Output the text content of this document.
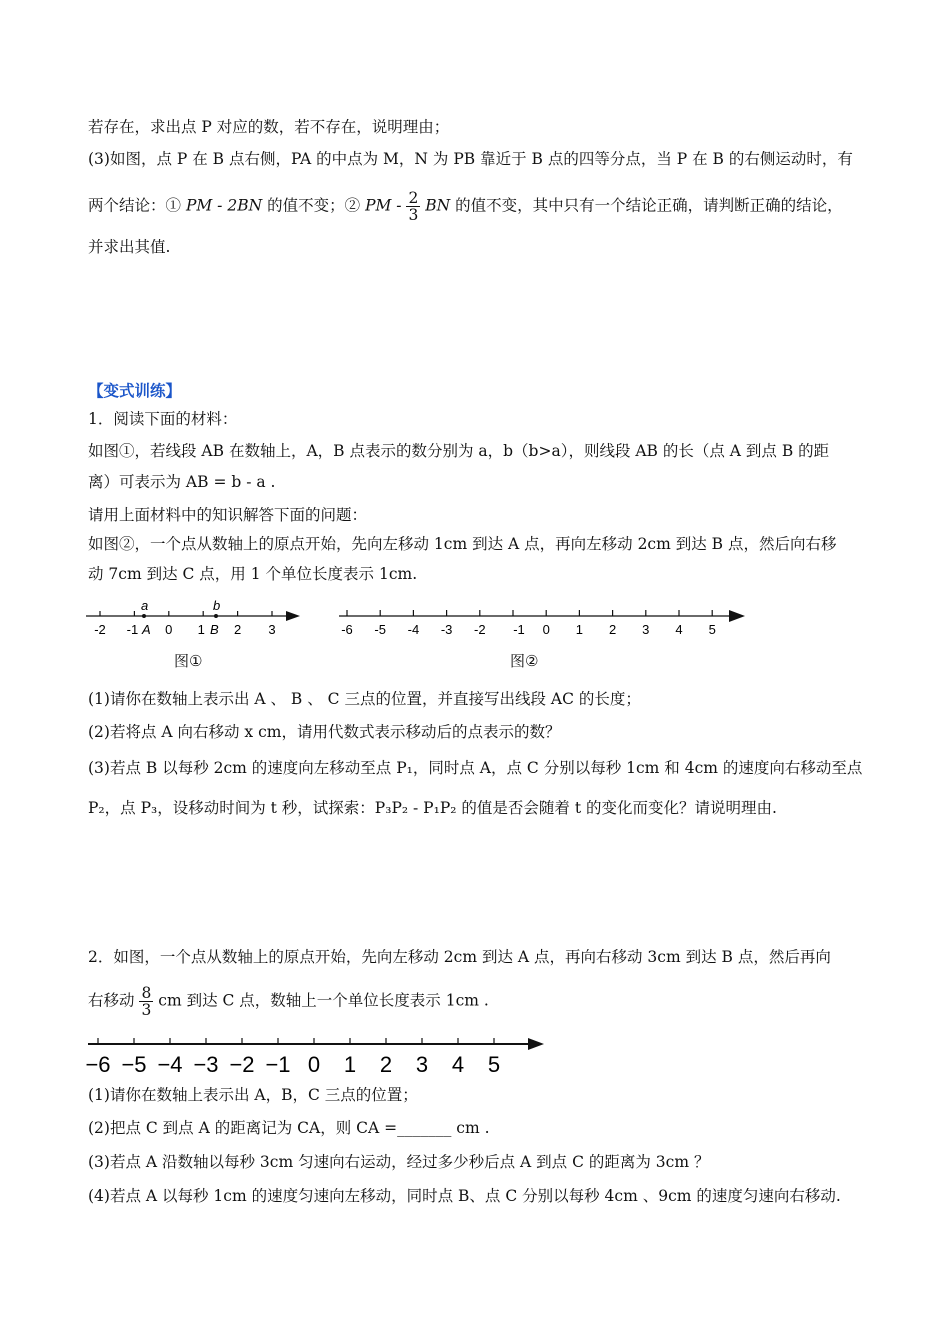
若存在，求出点 P 对应的数，若不存在，说明理由；
(3)如图，点 P 在 B 点右侧，PA 的中点为 M，N 为 PB 靠近于 B 点的四等分点，当 P 在 B 的右侧运动时，有
两个结论：① PM - 2BN 的值不变；② PM - $\frac{2}{3}$ BN 的值不变，其中只有一个结论正确，请判断正确的结论，
并求出其值.
【变式训练】
1．阅读下面的材料：
如图①，若线段 AB 在数轴上，A，B 点表示的数分别为 a，b（b>a），则线段 AB 的长（点 A 到点 B 的距
离）可表示为 AB = b - a .
请用上面材料中的知识解答下面的问题：
如图②，一个点从数轴上的原点开始，先向左移动 1cm 到达 A 点，再向左移动 2cm 到达 B 点，然后向右移
动 7cm 到达 C 点，用 1 个单位长度表示 1cm.
-2 -1 0 1 2 3
a	b
A	B
图①
-6 -5 -4 -3 -2 -1 0 1 2 3 4 5
图②
(1)请你在数轴上表示出 A 、 B 、 C 三点的位置，并直接写出线段 AC 的长度；
(2)若将点 A 向右移动 x cm，请用代数式表示移动后的点表示的数？
(3)若点 B 以每秒 2cm 的速度向左移动至点 P₁，同时点 A，点 C 分别以每秒 1cm 和 4cm 的速度向右移动至点
P₂，点 P₃，设移动时间为 t 秒，试探索：P₃P₂ - P₁P₂ 的值是否会随着 t 的变化而变化？请说明理由.
2．如图，一个点从数轴上的原点开始，先向左移动 2cm 到达 A 点，再向右移动 3cm 到达 B 点，然后再向
右移动 $\frac{8}{3}$ cm 到达 C 点，数轴上一个单位长度表示 1cm .
−6 −5 −4 −3 −2 −1 0 1 2 3 4 5
(1)请你在数轴上表示出 A，B，C 三点的位置；
(2)把点 C 到点 A 的距离记为 CA，则 CA =_______ cm .
(3)若点 A 沿数轴以每秒 3cm 匀速向右运动，经过多少秒后点 A 到点 C 的距离为 3cm ？
(4)若点 A 以每秒 1cm 的速度匀速向左移动，同时点 B、点 C 分别以每秒 4cm 、9cm 的速度匀速向右移动.
